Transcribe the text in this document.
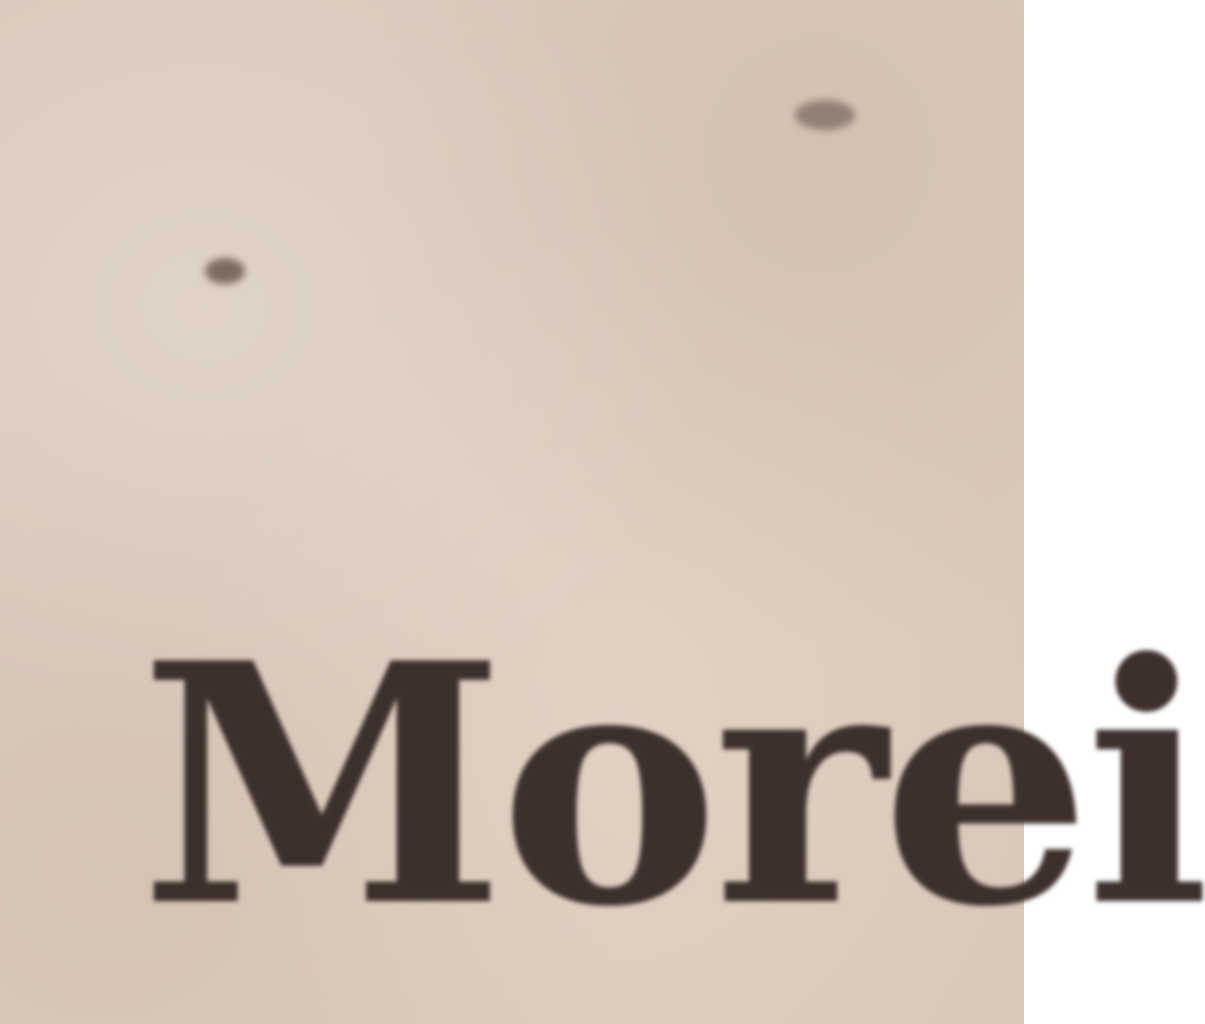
Morei
